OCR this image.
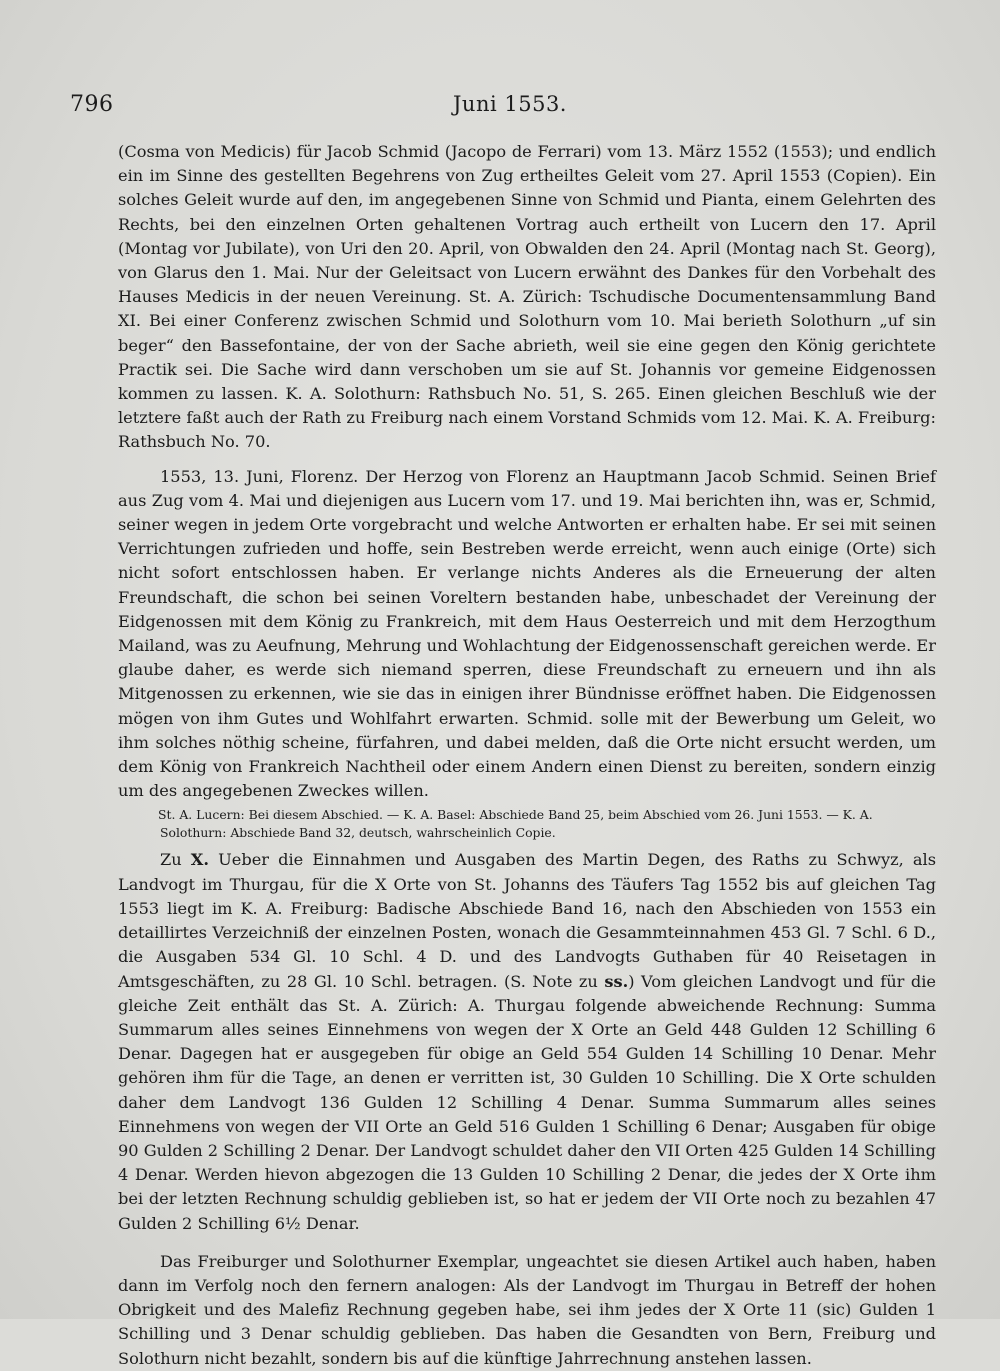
796	Juni 1553.

(Cosma von Medicis) für Jacob Schmid (Jacopo de Ferrari) vom 13. März 1552 (1553); und endlich ein im Sinne des gestellten Begehrens von Zug ertheiltes Geleit vom 27. April 1553 (Copien). Ein solches Geleit wurde auf den, im angegebenen Sinne von Schmid und Pianta, einem Gelehrten des Rechts, bei den einzelnen Orten gehaltenen Vortrag auch ertheilt von Lucern den 17. April (Montag vor Jubilate), von Uri den 20. April, von Obwalden den 24. April (Montag nach St. Georg), von Glarus den 1. Mai. Nur der Geleitsact von Lucern erwähnt des Dankes für den Vorbehalt des Hauses Medicis in der neuen Vereinung. St. A. Zürich: Tschudische Documentensammlung Band XI. Bei einer Conferenz zwischen Schmid und Solothurn vom 10. Mai berieth Solothurn „uf sin beger“ den Bassefontaine, der von der Sache abrieth, weil sie eine gegen den König gerichtete Practik sei. Die Sache wird dann verschoben um sie auf St. Johannis vor gemeine Eidgenossen kommen zu lassen. K. A. Solothurn: Rathsbuch No. 51, S. 265. Einen gleichen Beschluß wie der letztere faßt auch der Rath zu Freiburg nach einem Vorstand Schmids vom 12. Mai. K. A. Freiburg: Rathsbuch No. 70.

1553, 13. Juni, Florenz. Der Herzog von Florenz an Hauptmann Jacob Schmid. Seinen Brief aus Zug vom 4. Mai und diejenigen aus Lucern vom 17. und 19. Mai berichten ihn, was er, Schmid, seiner wegen in jedem Orte vorgebracht und welche Antworten er erhalten habe. Er sei mit seinen Verrichtungen zufrieden und hoffe, sein Bestreben werde erreicht, wenn auch einige (Orte) sich nicht sofort entschlossen haben. Er verlange nichts Anderes als die Erneuerung der alten Freundschaft, die schon bei seinen Voreltern bestanden habe, unbeschadet der Vereinung der Eidgenossen mit dem König zu Frankreich, mit dem Haus Oesterreich und mit dem Herzogthum Mailand, was zu Aeufnung, Mehrung und Wohlachtung der Eidgenossenschaft gereichen werde. Er glaube daher, es werde sich niemand sperren, diese Freundschaft zu erneuern und ihn als Mitgenossen zu erkennen, wie sie das in einigen ihrer Bündnisse eröffnet haben. Die Eidgenossen mögen von ihm Gutes und Wohlfahrt erwarten. Schmid. solle mit der Bewerbung um Geleit, wo ihm solches nöthig scheine, fürfahren, und dabei melden, daß die Orte nicht ersucht werden, um dem König von Frankreich Nachtheil oder einem Andern einen Dienst zu bereiten, sondern einzig um des angegebenen Zweckes willen.

St. A. Lucern: Bei diesem Abschied. — K. A. Basel: Abschiede Band 25, beim Abschied vom 26. Juni 1553. — K. A. Solothurn: Abschiede Band 32, deutsch, wahrscheinlich Copie.

Zu X. Ueber die Einnahmen und Ausgaben des Martin Degen, des Raths zu Schwyz, als Landvogt im Thurgau, für die X Orte von St. Johanns des Täufers Tag 1552 bis auf gleichen Tag 1553 liegt im K. A. Freiburg: Badische Abschiede Band 16, nach den Abschieden von 1553 ein detaillirtes Verzeichniß der einzelnen Posten, wonach die Gesammteinnahmen 453 Gl. 7 Schl. 6 D., die Ausgaben 534 Gl. 10 Schl. 4 D. und des Landvogts Guthaben für 40 Reisetagen in Amtsgeschäften, zu 28 Gl. 10 Schl. betragen. (S. Note zu ss.) Vom gleichen Landvogt und für die gleiche Zeit enthält das St. A. Zürich: A. Thurgau folgende abweichende Rechnung: Summa Summarum alles seines Einnehmens von wegen der X Orte an Geld 448 Gulden 12 Schilling 6 Denar. Dagegen hat er ausgegeben für obige an Geld 554 Gulden 14 Schilling 10 Denar. Mehr gehören ihm für die Tage, an denen er verritten ist, 30 Gulden 10 Schilling. Die X Orte schulden daher dem Landvogt 136 Gulden 12 Schilling 4 Denar. Summa Summarum alles seines Einnehmens von wegen der VII Orte an Geld 516 Gulden 1 Schilling 6 Denar; Ausgaben für obige 90 Gulden 2 Schilling 2 Denar. Der Landvogt schuldet daher den VII Orten 425 Gulden 14 Schilling 4 Denar. Werden hievon abgezogen die 13 Gulden 10 Schilling 2 Denar, die jedes der X Orte ihm bei der letzten Rechnung schuldig geblieben ist, so hat er jedem der VII Orte noch zu bezahlen 47 Gulden 2 Schilling 6½ Denar.

Das Freiburger und Solothurner Exemplar, ungeachtet sie diesen Artikel auch haben, haben dann im Verfolg noch den fernern analogen: Als der Landvogt im Thurgau in Betreff der hohen Obrigkeit und des Malefiz Rechnung gegeben habe, sei ihm jedes der X Orte 11 (sic) Gulden 1 Schilling und 3 Denar schuldig geblieben. Das haben die Gesandten von Bern, Freiburg und Solothurn nicht bezahlt, sondern bis auf die künftige Jahrrechnung anstehen lassen.
